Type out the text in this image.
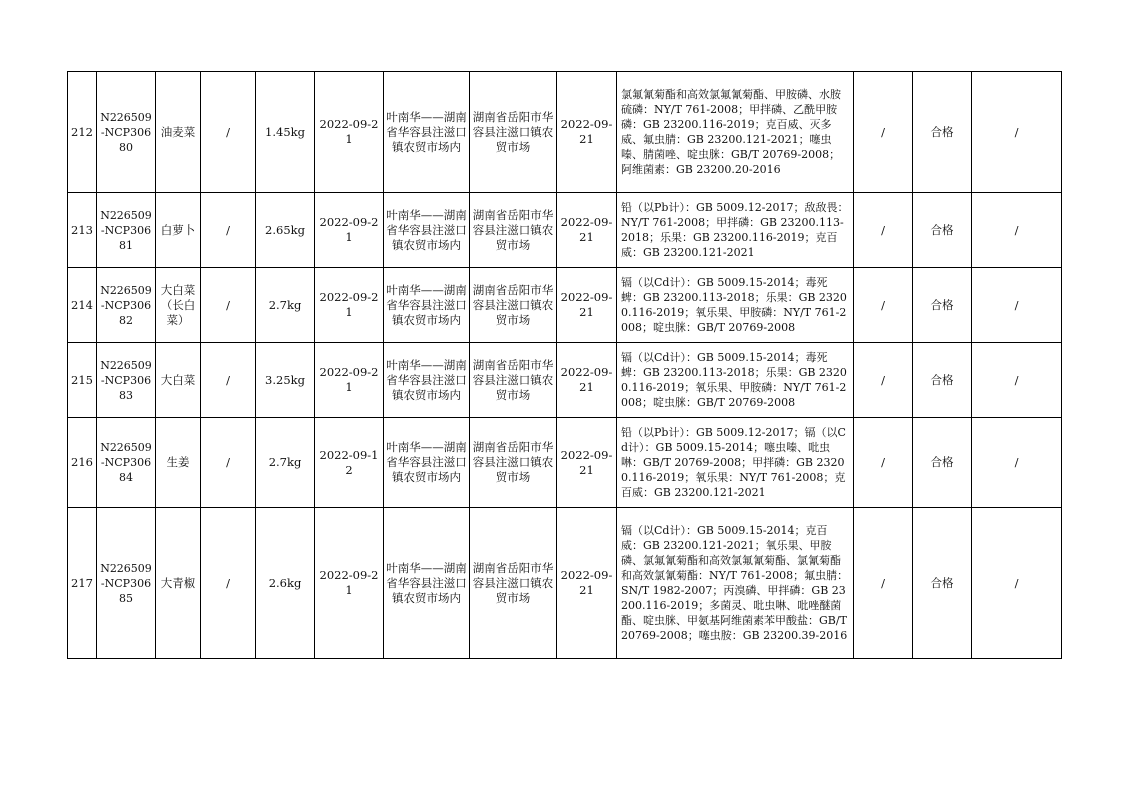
212	N226509-NCP30680	油麦菜	/	1.45kg	2022-09-21	叶南华——湖南省华容县注滋口镇农贸市场内	湖南省岳阳市华容县注滋口镇农贸市场	2022-09-21	氯氟氰菊酯和高效氯氟氰菊酯、甲胺磷、水胺硫磷：NY/T 761-2008；甲拌磷、乙酰甲胺磷：GB 23200.116-2019；克百威、灭多威、氟虫腈：GB 23200.121-2021；噻虫嗪、腈菌唑、啶虫脒：GB/T 20769-2008；阿维菌素：GB 23200.20-2016	/	合格	/
213	N226509-NCP30681	白萝卜	/	2.65kg	2022-09-21	叶南华——湖南省华容县注滋口镇农贸市场内	湖南省岳阳市华容县注滋口镇农贸市场	2022-09-21	铅（以Pb计）：GB 5009.12-2017；敌敌畏：NY/T 761-2008；甲拌磷：GB 23200.113-2018；乐果：GB 23200.116-2019；克百威：GB 23200.121-2021	/	合格	/
214	N226509-NCP30682	大白菜（长白菜）	/	2.7kg	2022-09-21	叶南华——湖南省华容县注滋口镇农贸市场内	湖南省岳阳市华容县注滋口镇农贸市场	2022-09-21	镉（以Cd计）：GB 5009.15-2014；毒死蜱：GB 23200.113-2018；乐果：GB 23200.116-2019；氧乐果、甲胺磷：NY/T 761-2008；啶虫脒：GB/T 20769-2008	/	合格	/
215	N226509-NCP30683	大白菜	/	3.25kg	2022-09-21	叶南华——湖南省华容县注滋口镇农贸市场内	湖南省岳阳市华容县注滋口镇农贸市场	2022-09-21	镉（以Cd计）：GB 5009.15-2014；毒死蜱：GB 23200.113-2018；乐果：GB 23200.116-2019；氧乐果、甲胺磷：NY/T 761-2008；啶虫脒：GB/T 20769-2008	/	合格	/
216	N226509-NCP30684	生姜	/	2.7kg	2022-09-12	叶南华——湖南省华容县注滋口镇农贸市场内	湖南省岳阳市华容县注滋口镇农贸市场	2022-09-21	铅（以Pb计）：GB 5009.12-2017；镉（以Cd计）：GB 5009.15-2014；噻虫嗪、吡虫啉：GB/T 20769-2008；甲拌磷：GB 23200.116-2019；氧乐果：NY/T 761-2008；克百威：GB 23200.121-2021	/	合格	/
217	N226509-NCP30685	大青椒	/	2.6kg	2022-09-21	叶南华——湖南省华容县注滋口镇农贸市场内	湖南省岳阳市华容县注滋口镇农贸市场	2022-09-21	镉（以Cd计）：GB 5009.15-2014；克百威：GB 23200.121-2021；氧乐果、甲胺磷、氯氟氰菊酯和高效氯氟氰菊酯、氯氰菊酯和高效氯氰菊酯：NY/T 761-2008；氟虫腈：SN/T 1982-2007；丙溴磷、甲拌磷：GB 23200.116-2019；多菌灵、吡虫啉、吡唑醚菌酯、啶虫脒、甲氨基阿维菌素苯甲酸盐：GB/T 20769-2008；噻虫胺：GB 23200.39-2016	/	合格	/
